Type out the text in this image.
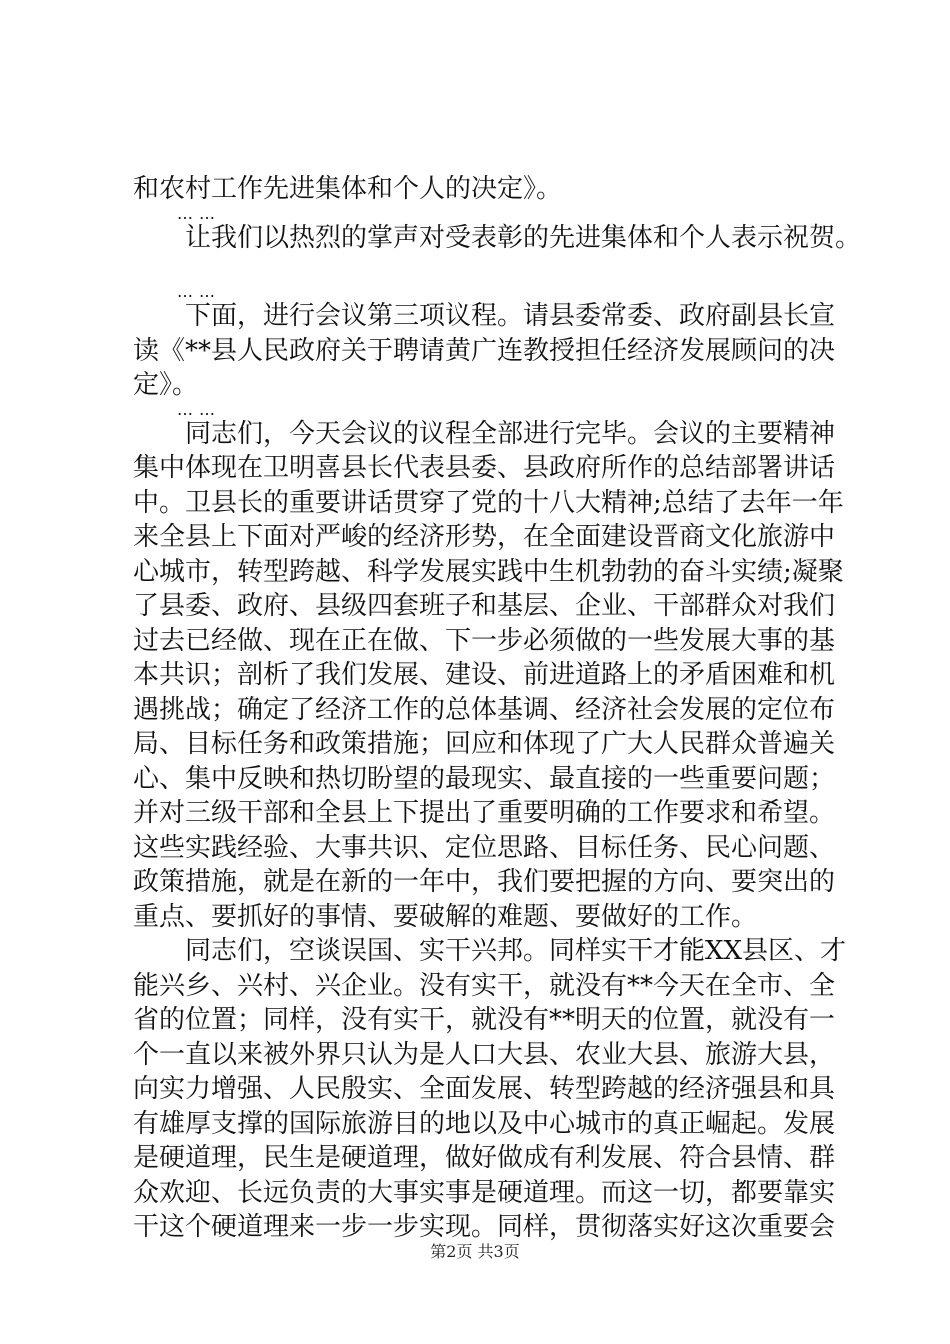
和农村工作先进集体和个人的决定》。
……
让我们以热烈的掌声对受表彰的先进集体和个人表示祝贺。
……
下面，进行会议第三项议程。请县委常委、政府副县长宣
读《**县人民政府关于聘请黄广连教授担任经济发展顾问的决
定》。
……
同志们，今天会议的议程全部进行完毕。会议的主要精神
集中体现在卫明喜县长代表县委、县政府所作的总结部署讲话
中。卫县长的重要讲话贯穿了党的十八大精神;总结了去年一年
来全县上下面对严峻的经济形势，在全面建设晋商文化旅游中
心城市，转型跨越、科学发展实践中生机勃勃的奋斗实绩;凝聚
了县委、政府、县级四套班子和基层、企业、干部群众对我们
过去已经做、现在正在做、下一步必须做的一些发展大事的基
本共识；剖析了我们发展、建设、前进道路上的矛盾困难和机
遇挑战；确定了经济工作的总体基调、经济社会发展的定位布
局、目标任务和政策措施；回应和体现了广大人民群众普遍关
心、集中反映和热切盼望的最现实、最直接的一些重要问题；
并对三级干部和全县上下提出了重要明确的工作要求和希望。
这些实践经验、大事共识、定位思路、目标任务、民心问题、
政策措施，就是在新的一年中，我们要把握的方向、要突出的
重点、要抓好的事情、要破解的难题、要做好的工作。
同志们，空谈误国、实干兴邦。同样实干才能XX县区、才
能兴乡、兴村、兴企业。没有实干，就没有**今天在全市、全
省的位置；同样，没有实干，就没有**明天的位置，就没有一
个一直以来被外界只认为是人口大县、农业大县、旅游大县，
向实力增强、人民殷实、全面发展、转型跨越的经济强县和具
有雄厚支撑的国际旅游目的地以及中心城市的真正崛起。发展
是硬道理，民生是硬道理，做好做成有利发展、符合县情、群
众欢迎、长远负责的大事实事是硬道理。而这一切，都要靠实
干这个硬道理来一步一步实现。同样，贯彻落实好这次重要会
第2页 共3页
